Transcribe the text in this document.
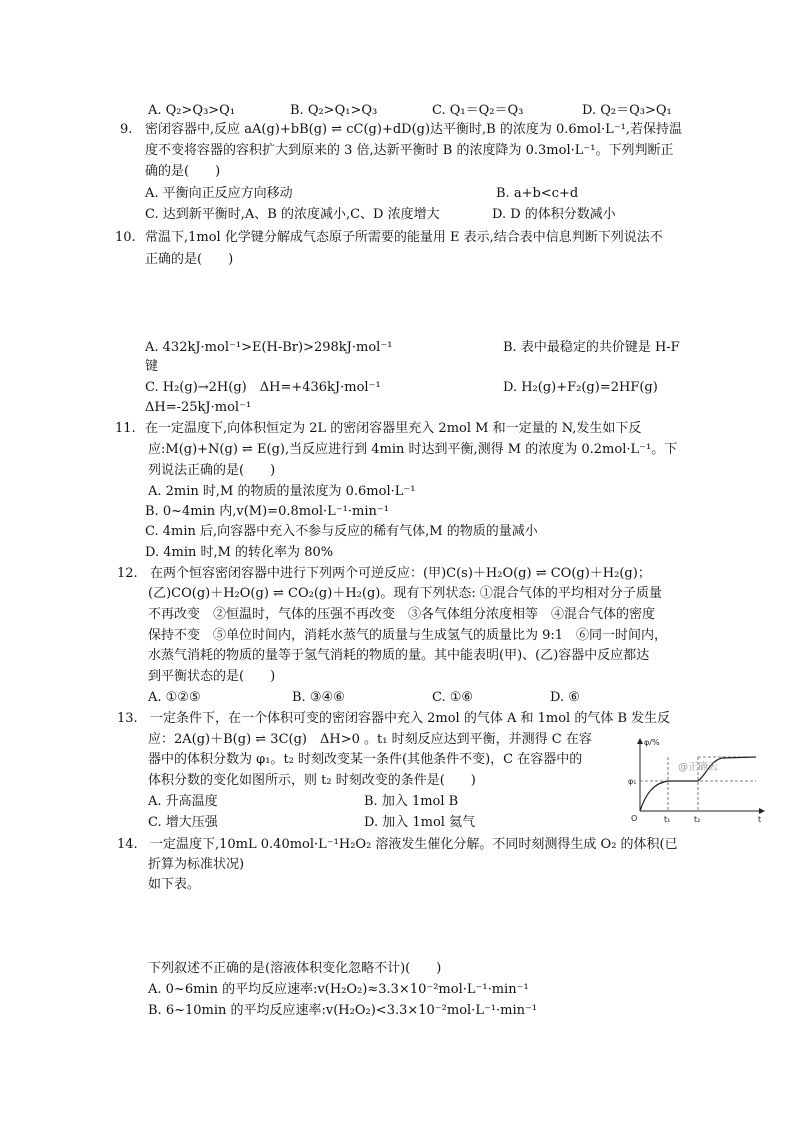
A. Q₂>Q₃>Q₁	B. Q₂>Q₁>Q₃	C. Q₁＝Q₂＝Q₃	D. Q₂＝Q₃>Q₁
9. 密闭容器中,反应 aA(g)+bB(g) ⇌ cC(g)+dD(g)达平衡时,B 的浓度为 0.6mol·L⁻¹,若保持温
度不变将容器的容积扩大到原来的 3 倍,达新平衡时 B 的浓度降为 0.3mol·L⁻¹。下列判断正
确的是(　　)
A. 平衡向正反应方向移动	B. a+b<c+d
C. 达到新平衡时,A、B 的浓度减小,C、D 浓度增大	D. D 的体积分数减小
10. 常温下,1mol 化学键分解成气态原子所需要的能量用 E 表示,结合表中信息判断下列说法不
正确的是(　　)
A. 432kJ·mol⁻¹>E(H-Br)>298kJ·mol⁻¹	B. 表中最稳定的共价键是 H-F
键
C. H₂(g)→2H(g)　ΔH=+436kJ·mol⁻¹	D. H₂(g)+F₂(g)=2HF(g)
ΔH=-25kJ·mol⁻¹
11. 在一定温度下,向体积恒定为 2L 的密闭容器里充入 2mol M 和一定量的 N,发生如下反
应:M(g)+N(g) ⇌ E(g),当反应进行到 4min 时达到平衡,测得 M 的浓度为 0.2mol·L⁻¹。下
列说法正确的是(　　)
A. 2min 时,M 的物质的量浓度为 0.6mol·L⁻¹
B. 0~4min 内,v(M)=0.8mol·L⁻¹·min⁻¹
C. 4min 后,向容器中充入不参与反应的稀有气体,M 的物质的量减小
D. 4min 时,M 的转化率为 80%
12. 在两个恒容密闭容器中进行下列两个可逆反应：(甲)C(s)＋H₂O(g) ⇌ CO(g)＋H₂(g)；
(乙)CO(g)＋H₂O(g) ⇌ CO₂(g)＋H₂(g)。现有下列状态: ①混合气体的平均相对分子质量
不再改变　②恒温时，气体的压强不再改变　③各气体组分浓度相等　④混合气体的密度
保持不变　⑤单位时间内，消耗水蒸气的质量与生成氢气的质量比为 9:1　⑥同一时间内，
水蒸气消耗的物质的量等于氢气消耗的物质的量。其中能表明(甲)、(乙)容器中反应都达
到平衡状态的是(　　)
A. ①②⑤	B. ③④⑥	C. ①⑥	D. ⑥
13. 一定条件下，在一个体积可变的密闭容器中充入 2mol 的气体 A 和 1mol 的气体 B 发生反
应：2A(g)＋B(g) ⇌ 3C(g)　ΔH>0 。t₁ 时刻反应达到平衡，并测得 C 在容
器中的体积分数为 φ₁。t₂ 时刻改变某一条件(其他条件不变)，C 在容器中的
体积分数的变化如图所示，则 t₂ 时刻改变的条件是(　　)
A. 升高温度	B. 加入 1mol B
C. 增大压强	D. 加入 1mol 氦气
φ/%
φ₁
O	t₁	t₂	t
@正确云
14. 一定温度下,10mL 0.40mol·L⁻¹H₂O₂ 溶液发生催化分解。不同时刻测得生成 O₂ 的体积(已
折算为标准状况)
如下表。
下列叙述不正确的是(溶液体积变化忽略不计)(　　)
A. 0~6min 的平均反应速率:v(H₂O₂)≈3.3×10⁻²mol·L⁻¹·min⁻¹
B. 6~10min 的平均反应速率:v(H₂O₂)<3.3×10⁻²mol·L⁻¹·min⁻¹
